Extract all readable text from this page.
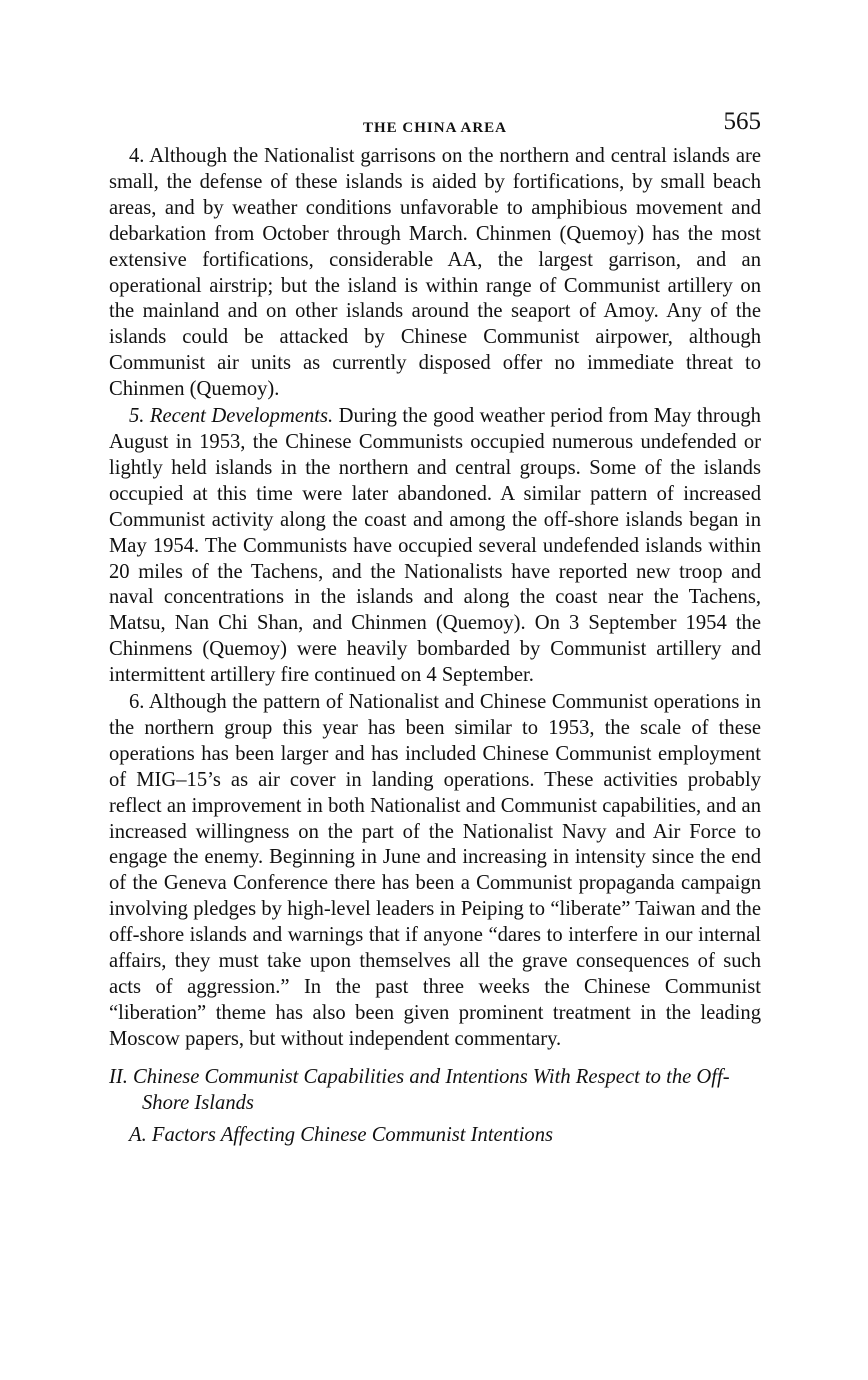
THE CHINA AREA	565

4. Although the Nationalist garrisons on the northern and central islands are small, the defense of these islands is aided by fortifications, by small beach areas, and by weather conditions unfavorable to amphibious movement and debarkation from October through March. Chinmen (Quemoy) has the most extensive fortifications, considerable AA, the largest garrison, and an operational airstrip; but the island is within range of Communist artillery on the mainland and on other islands around the seaport of Amoy. Any of the islands could be attacked by Chinese Communist airpower, although Communist air units as currently disposed offer no immediate threat to Chinmen (Quemoy).

5. Recent Developments. During the good weather period from May through August in 1953, the Chinese Communists occupied numerous undefended or lightly held islands in the northern and central groups. Some of the islands occupied at this time were later abandoned. A similar pattern of increased Communist activity along the coast and among the off-shore islands began in May 1954. The Communists have occupied several undefended islands within 20 miles of the Tachens, and the Nationalists have reported new troop and naval concentrations in the islands and along the coast near the Tachens, Matsu, Nan Chi Shan, and Chinmen (Quemoy). On 3 September 1954 the Chinmens (Quemoy) were heavily bombarded by Communist artillery and intermittent artillery fire continued on 4 September.

6. Although the pattern of Nationalist and Chinese Communist operations in the northern group this year has been similar to 1953, the scale of these operations has been larger and has included Chinese Communist employment of MIG–15’s as air cover in landing operations. These activities probably reflect an improvement in both Nationalist and Communist capabilities, and an increased willingness on the part of the Nationalist Navy and Air Force to engage the enemy. Beginning in June and increasing in intensity since the end of the Geneva Conference there has been a Communist propaganda campaign involving pledges by high-level leaders in Peiping to “liberate” Taiwan and the off-shore islands and warnings that if anyone “dares to interfere in our internal affairs, they must take upon themselves all the grave consequences of such acts of aggression.” In the past three weeks the Chinese Communist “liberation” theme has also been given prominent treatment in the leading Moscow papers, but without independent commentary.

II. Chinese Communist Capabilities and Intentions With Respect to the Off-Shore Islands

A. Factors Affecting Chinese Communist Intentions
